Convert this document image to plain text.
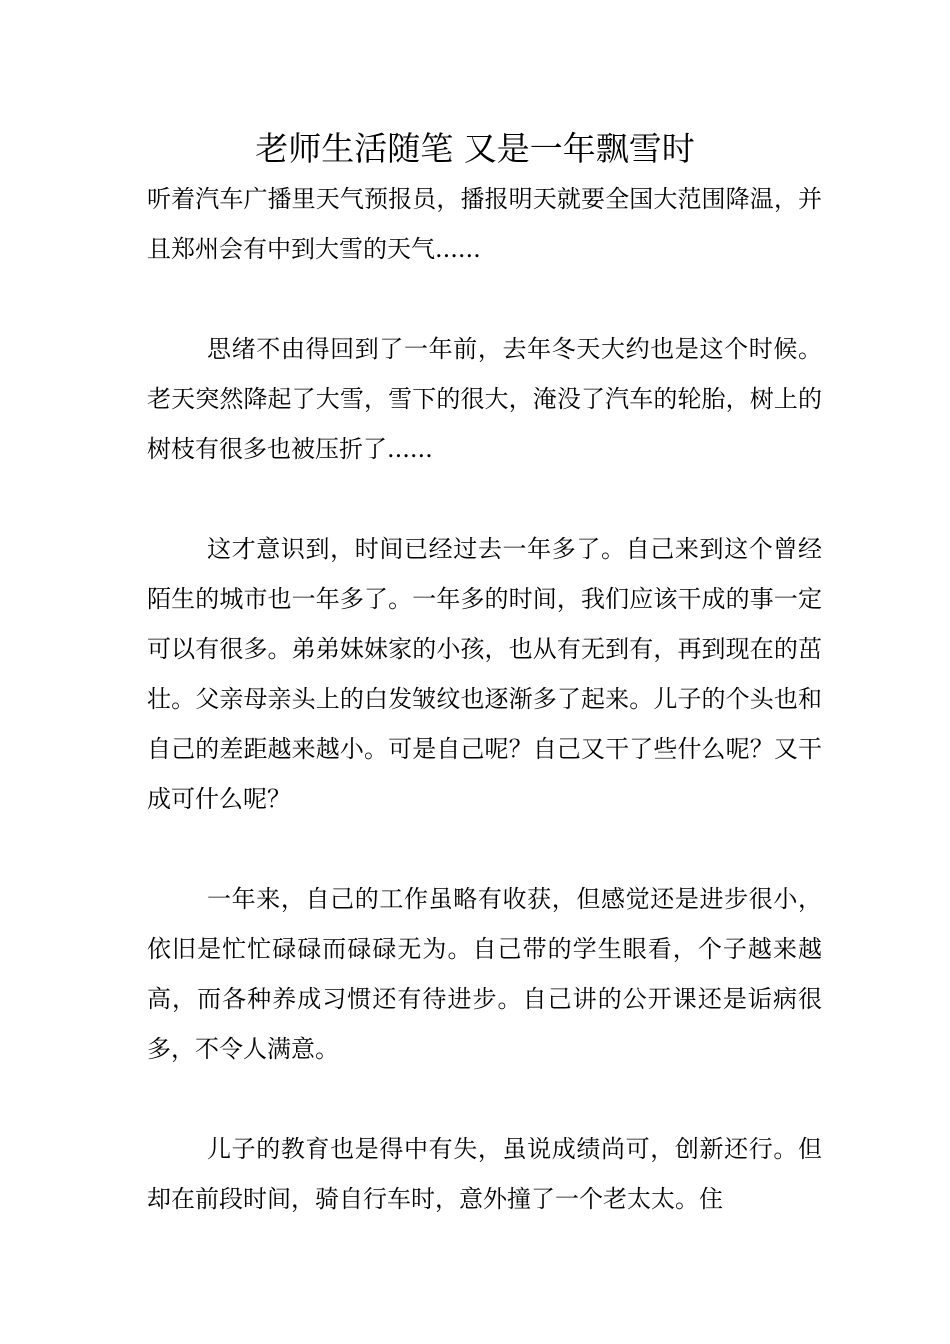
老师生活随笔 又是一年飘雪时

听着汽车广播里天气预报员，播报明天就要全国大范围降温，并且郑州会有中到大雪的天气......

思绪不由得回到了一年前，去年冬天大约也是这个时候。老天突然降起了大雪，雪下的很大，淹没了汽车的轮胎，树上的树枝有很多也被压折了......

这才意识到，时间已经过去一年多了。自己来到这个曾经陌生的城市也一年多了。一年多的时间，我们应该干成的事一定可以有很多。弟弟妹妹家的小孩，也从有无到有，再到现在的茁壮。父亲母亲头上的白发皱纹也逐渐多了起来。儿子的个头也和自己的差距越来越小。可是自己呢？自己又干了些什么呢？又干成可什么呢？

一年来，自己的工作虽略有收获，但感觉还是进步很小，依旧是忙忙碌碌而碌碌无为。自己带的学生眼看，个子越来越高，而各种养成习惯还有待进步。自己讲的公开课还是诟病很多，不令人满意。

儿子的教育也是得中有失，虽说成绩尚可，创新还行。但却在前段时间，骑自行车时，意外撞了一个老太太。住
